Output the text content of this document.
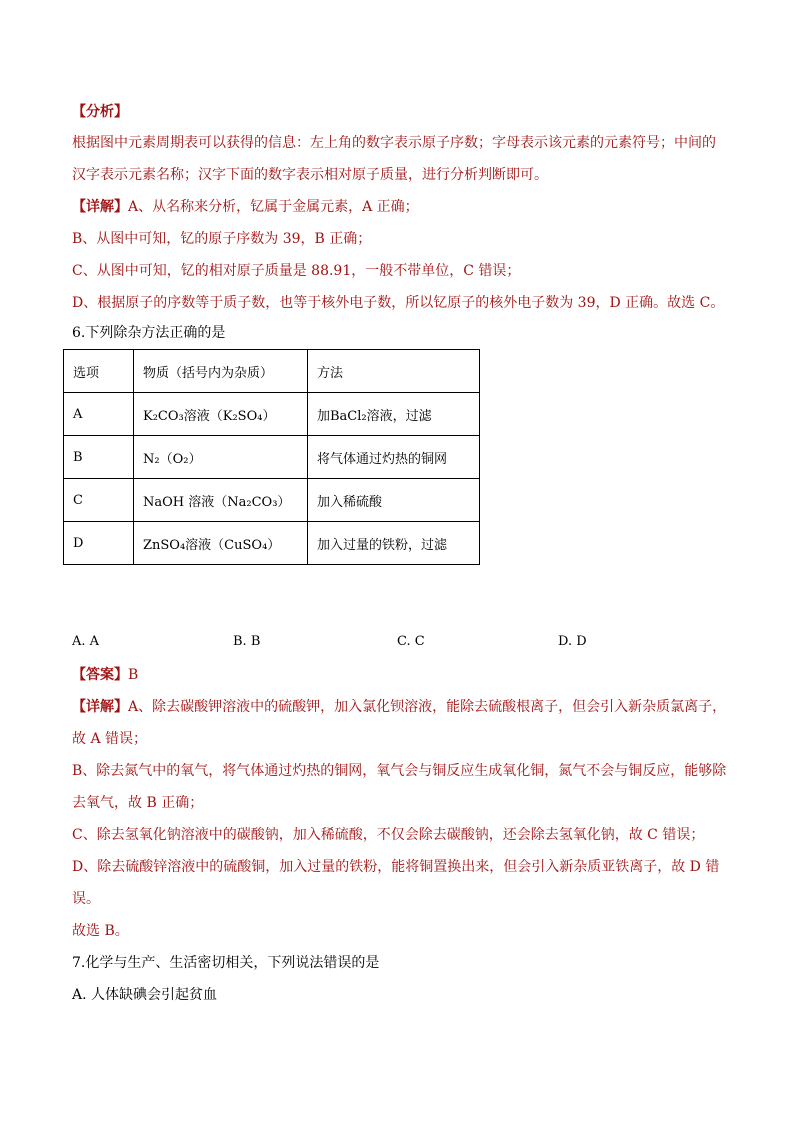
【分析】
根据图中元素周期表可以获得的信息：左上角的数字表示原子序数；字母表示该元素的元素符号；中间的
汉字表示元素名称；汉字下面的数字表示相对原子质量，进行分析判断即可。
【详解】A、从名称来分析，钇属于金属元素，A 正确；
B、从图中可知，钇的原子序数为 39，B 正确；
C、从图中可知，钇的相对原子质量是 88.91，一般不带单位，C 错误；
D、根据原子的序数等于质子数，也等于核外电子数，所以钇原子的核外电子数为 39，D 正确。故选 C。
6.下列除杂方法正确的是
选项	物质（括号内为杂质）	方法
A	K₂CO₃溶液（K₂SO₄）	加BaCl₂溶液，过滤
B	N₂（O₂）	将气体通过灼热的铜网
C	NaOH 溶液（Na₂CO₃）	加入稀硫酸
D	ZnSO₄溶液（CuSO₄）	加入过量的铁粉，过滤
A. A	B. B	C. C	D. D
【答案】B
【详解】A、除去碳酸钾溶液中的硫酸钾，加入氯化钡溶液，能除去硫酸根离子，但会引入新杂质氯离子，
故 A 错误；
B、除去氮气中的氧气，将气体通过灼热的铜网，氧气会与铜反应生成氧化铜，氮气不会与铜反应，能够除
去氧气，故 B 正确；
C、除去氢氧化钠溶液中的碳酸钠，加入稀硫酸，不仅会除去碳酸钠，还会除去氢氧化钠，故 C 错误；
D、除去硫酸锌溶液中的硫酸铜，加入过量的铁粉，能将铜置换出来，但会引入新杂质亚铁离子，故 D 错
误。
故选 B。
7.化学与生产、生活密切相关，下列说法错误的是
A. 人体缺碘会引起贫血
